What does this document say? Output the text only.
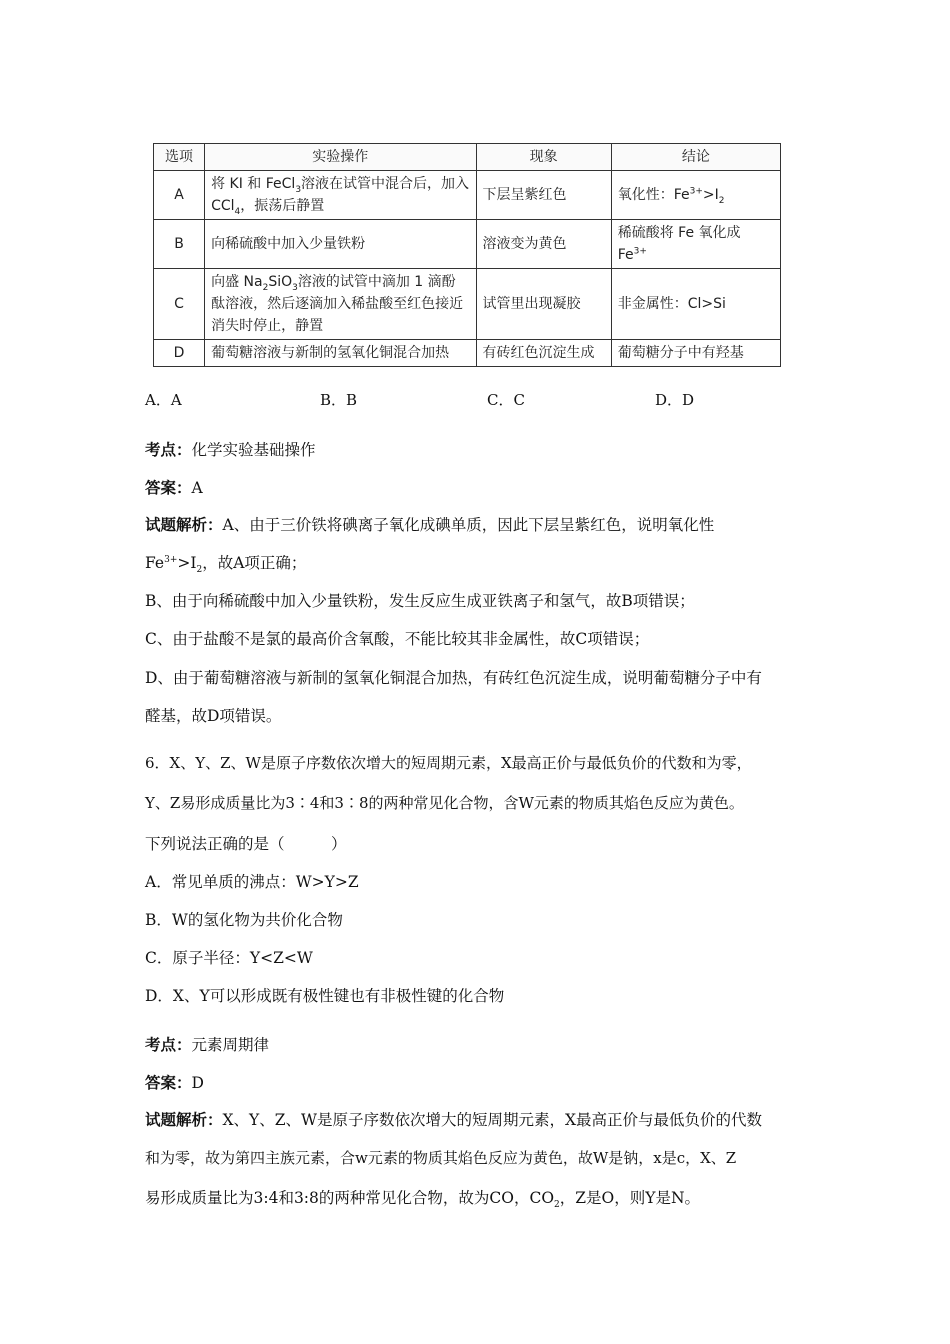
选项	实验操作	现象	结论
A	将 KI 和 FeCl$_3$溶液在试管中混合后，加入 CCl$_4$，振荡后静置	下层呈紫红色	氧化性：$Fe^{3+}>I_2$
B	向稀硫酸中加入少量铁粉	溶液变为黄色	稀硫酸将 Fe 氧化成 $Fe^{3+}$
C	向盛 $Na_2SiO_3$溶液的试管中滴加 1 滴酚酞溶液，然后逐滴加入稀盐酸至红色接近消失时停止，静置	试管里出现凝胶	非金属性：Cl>Si
D	葡萄糖溶液与新制的氢氧化铜混合加热	有砖红色沉淀生成	葡萄糖分子中有羟基
A．A	B．B	C．C	D．D
考点：化学实验基础操作
答案：A
试题解析：A、由于三价铁将碘离子氧化成碘单质，因此下层呈紫红色，说明氧化性
$Fe^{3+}>I_2$，故A项正确；
B、由于向稀硫酸中加入少量铁粉，发生反应生成亚铁离子和氢气，故B项错误；
C、由于盐酸不是氯的最高价含氧酸，不能比较其非金属性，故C项错误；
D、由于葡萄糖溶液与新制的氢氧化铜混合加热，有砖红色沉淀生成，说明葡萄糖分子中有
醛基，故D项错误。
6．X、Y、Z、W是原子序数依次增大的短周期元素，X最高正价与最低负价的代数和为零，
Y、Z易形成质量比为3∶4和3∶8的两种常见化合物，含W元素的物质其焰色反应为黄色。
下列说法正确的是（　　　）
A．常见单质的沸点：W>Y>Z
B．W的氢化物为共价化合物
C．原子半径：Y<Z<W
D．X、Y可以形成既有极性键也有非极性键的化合物
考点：元素周期律
答案：D
试题解析：X、Y、Z、W是原子序数依次增大的短周期元素，X最高正价与最低负价的代数
和为零，故为第四主族元素，合w元素的物质其焰色反应为黄色，故W是钠，x是c，X、Z
易形成质量比为3:4和3:8的两种常见化合物，故为CO，$CO_2$，Z是O，则Y是N。
